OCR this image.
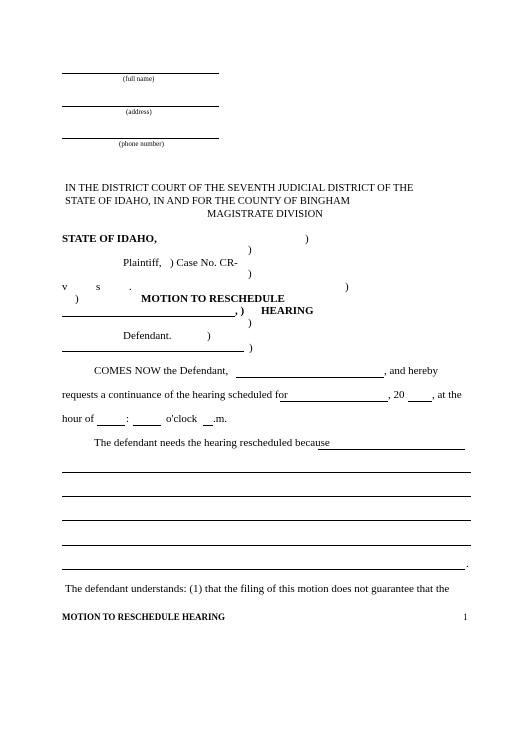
(full name)
(address)
(phone number)
IN THE DISTRICT COURT OF THE SEVENTH JUDICIAL DISTRICT OF THE
STATE OF IDAHO, IN AND FOR THE COUNTY OF BINGHAM
MAGISTRATE DIVISION
STATE OF IDAHO,	)
)
Plaintiff, ) Case No. CR-
)
v	s	.	)
)	MOTION TO RESCHEDULE
, ) HEARING
)
Defendant.	)
)
COMES NOW the Defendant,	, and hereby
requests a continuance of the hearing scheduled for	, 20	, at the
hour of	:	o'clock .m.
The defendant needs the hearing rescheduled because
.
The defendant understands: (1) that the filing of this motion does not guarantee that the
MOTION TO RESCHEDULE HEARING	1
